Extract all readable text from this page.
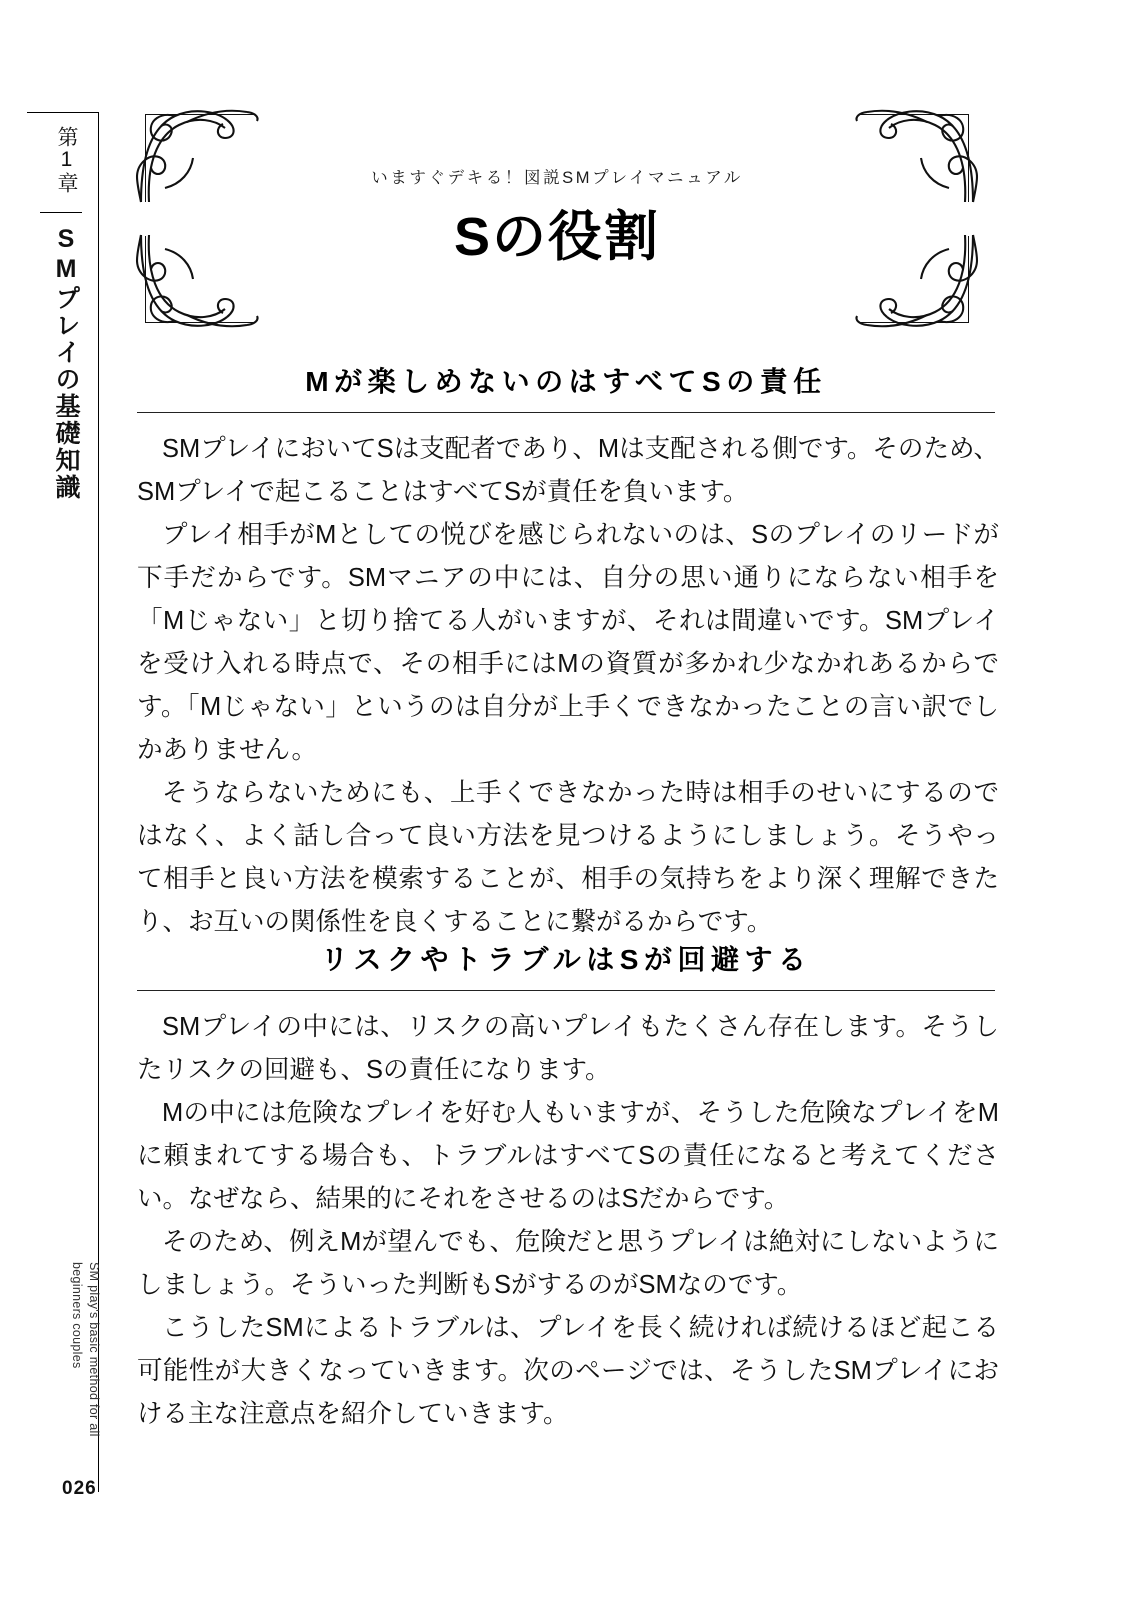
第1章
SMプレイの基礎知識
SM play's basic method for all beginners couples
026
いますぐデキる！図説SMプレイマニュアル
Sの役割
Mが楽しめないのはすべてSの責任

SMプレイにおいてSは支配者であり、Mは支配される側です。そのため、SMプレイで起こることはすべてSが責任を負います。

プレイ相手がMとしての悦びを感じられないのは、Sのプレイのリードが下手だからです。SMマニアの中には、自分の思い通りにならない相手を「Mじゃない」と切り捨てる人がいますが、それは間違いです。SMプレイを受け入れる時点で、その相手にはMの資質が多かれ少なかれあるからです。「Mじゃない」というのは自分が上手くできなかったことの言い訳でしかありません。

そうならないためにも、上手くできなかった時は相手のせいにするのではなく、よく話し合って良い方法を見つけるようにしましょう。そうやって相手と良い方法を模索することが、相手の気持ちをより深く理解できたり、お互いの関係性を良くすることに繋がるからです。

リスクやトラブルはSが回避する

SMプレイの中には、リスクの高いプレイもたくさん存在します。そうしたリスクの回避も、Sの責任になります。

Mの中には危険なプレイを好む人もいますが、そうした危険なプレイをMに頼まれてする場合も、トラブルはすべてSの責任になると考えてください。なぜなら、結果的にそれをさせるのはSだからです。

そのため、例えMが望んでも、危険だと思うプレイは絶対にしないようにしましょう。そういった判断もSがするのがSMなのです。

こうしたSMによるトラブルは、プレイを長く続ければ続けるほど起こる可能性が大きくなっていきます。次のページでは、そうしたSMプレイにおける主な注意点を紹介していきます。
